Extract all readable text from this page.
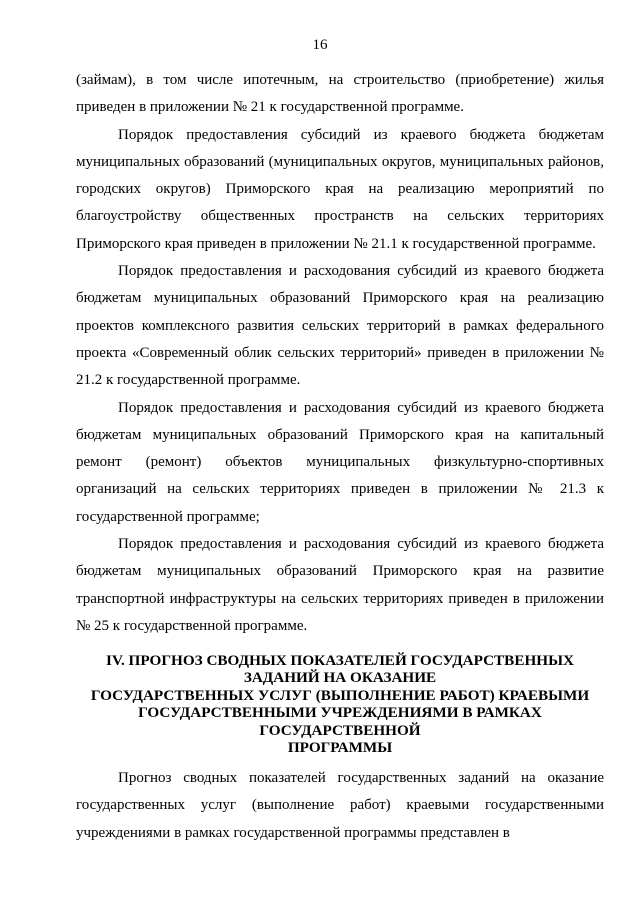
16

(займам), в том числе ипотечным, на строительство (приобретение) жилья приведен в приложении № 21 к государственной программе.

Порядок предоставления субсидий из краевого бюджета бюджетам муниципальных образований (муниципальных округов, муниципальных районов, городских округов) Приморского края на реализацию мероприятий по благоустройству общественных пространств на сельских территориях Приморского края приведен в приложении № 21.1 к государственной программе.

Порядок предоставления и расходования субсидий из краевого бюджета бюджетам муниципальных образований Приморского края на реализацию проектов комплексного развития сельских территорий в рамках федерального проекта «Современный облик сельских территорий» приведен в приложении № 21.2 к государственной программе.

Порядок предоставления и расходования субсидий из краевого бюджета бюджетам муниципальных образований Приморского края на капитальный ремонт (ремонт) объектов муниципальных физкультурно-спортивных организаций на сельских территориях приведен в приложении № 21.3 к государственной программе;

Порядок предоставления и расходования субсидий из краевого бюджета бюджетам муниципальных образований Приморского края на развитие транспортной инфраструктуры на сельских территориях приведен в приложении № 25 к государственной программе.

IV. ПРОГНОЗ СВОДНЫХ ПОКАЗАТЕЛЕЙ ГОСУДАРСТВЕННЫХ
ЗАДАНИЙ НА ОКАЗАНИЕ
ГОСУДАРСТВЕННЫХ УСЛУГ (ВЫПОЛНЕНИЕ РАБОТ) КРАЕВЫМИ
ГОСУДАРСТВЕННЫМИ УЧРЕЖДЕНИЯМИ В РАМКАХ
ГОСУДАРСТВЕННОЙ
ПРОГРАММЫ

Прогноз сводных показателей государственных заданий на оказание государственных услуг (выполнение работ) краевыми государственными учреждениями в рамках государственной программы представлен в
